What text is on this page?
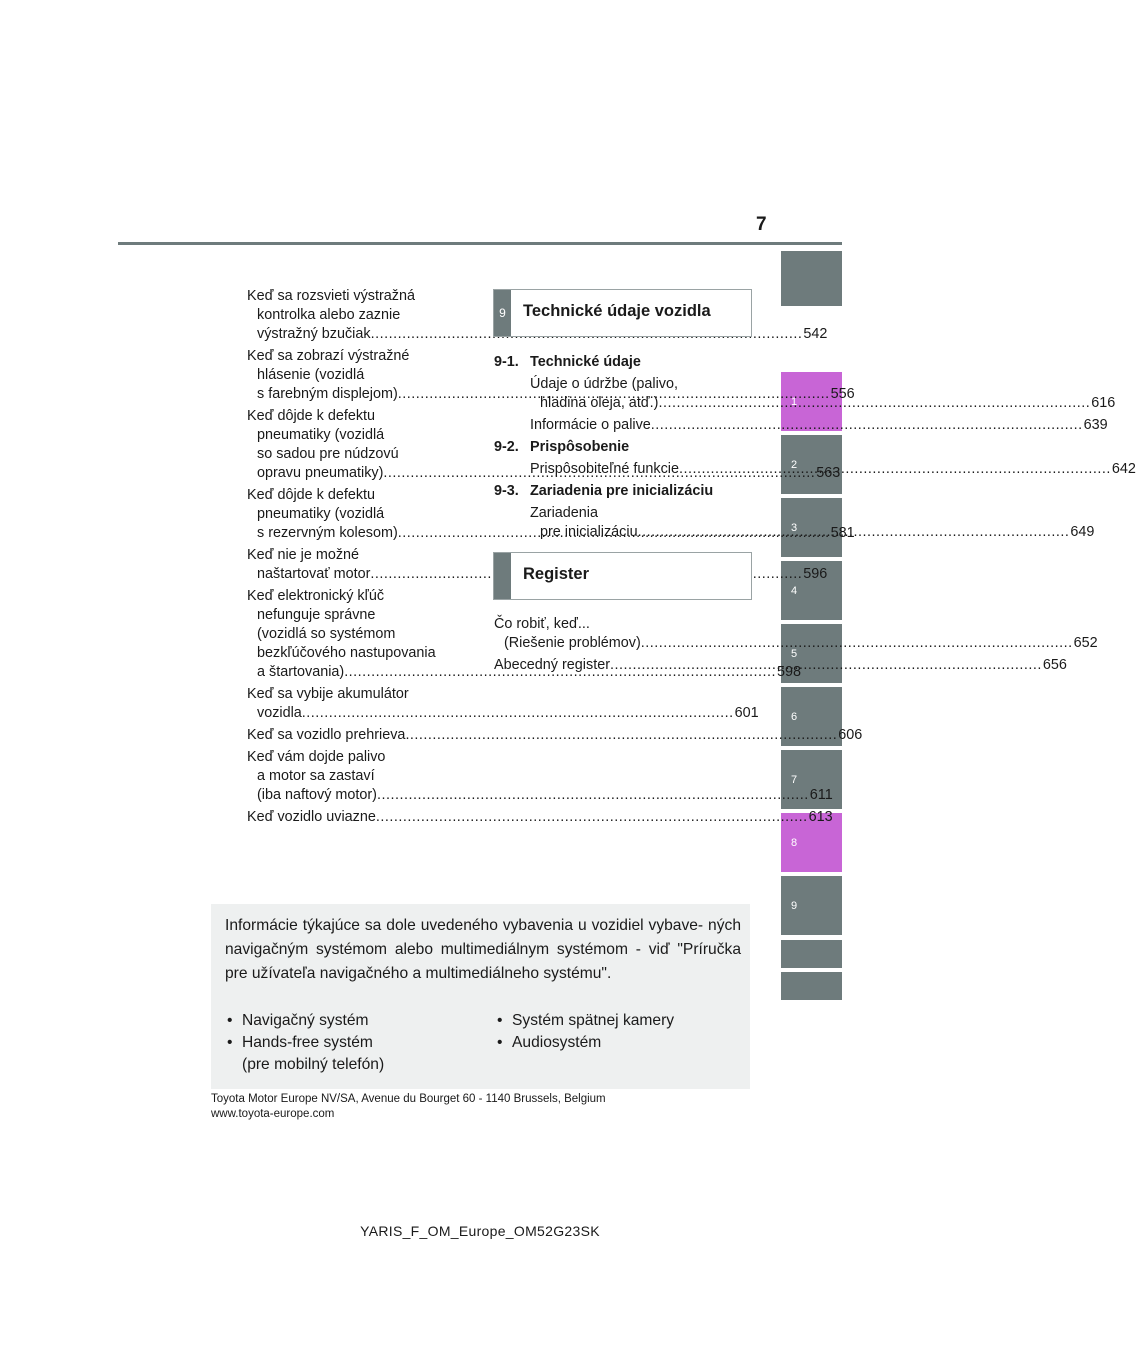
7
1
2
3
4
5
6
7
8
9
Keď sa rozsvieti výstražná
kontrolka alebo zaznie
výstražný bzučiak .....	542
Keď sa zobrazí výstražné
hlásenie (vozidlá
s farebným displejom) .....	556
Keď dôjde k defektu
pneumatiky (vozidlá
so sadou pre núdzovú
opravu pneumatiky) .....	563
Keď dôjde k defektu
pneumatiky (vozidlá
s rezervným kolesom) .....	581
Keď nie je možné
naštartovať motor .....	596
Keď elektronický kľúč
nefunguje správne
(vozidlá so systémom
bezkľúčového nastupovania
a štartovania) .....	598
Keď sa vybije akumulátor
vozidla .....	601
Keď sa vozidlo prehrieva .....	606
Keď vám dojde palivo
a motor sa zastaví
(iba naftový motor) .....	611
Keď vozidlo uviazne .....	613
9	Technické údaje vozidla
9-1. Technické údaje
Údaje o údržbe (palivo,
hladina oleja, atď.) .....	616
Informácie o palive .....	639
9-2. Prispôsobenie
Prispôsobiteľné funkcie .....	642
9-3. Zariadenia pre inicializáciu
Zariadenia
pre inicializáciu .....	649
Register
Čo robiť, keď...
(Riešenie problémov) .....	652
Abecedný register .....	656
Informácie týkajúce sa dole uvedeného vybavenia u vozidiel vybave- ných navigačným systémom alebo multimediálnym systémom - viď "Príručka pre užívateľa navigačného a multimediálneho systému".
• Navigačný systém
• Hands-free systém
(pre mobilný telefón)
• Systém spätnej kamery
• Audiosystém
Toyota Motor Europe NV/SA, Avenue du Bourget 60 - 1140 Brussels, Belgium
www.toyota-europe.com
YARIS_F_OM_Europe_OM52G23SK
